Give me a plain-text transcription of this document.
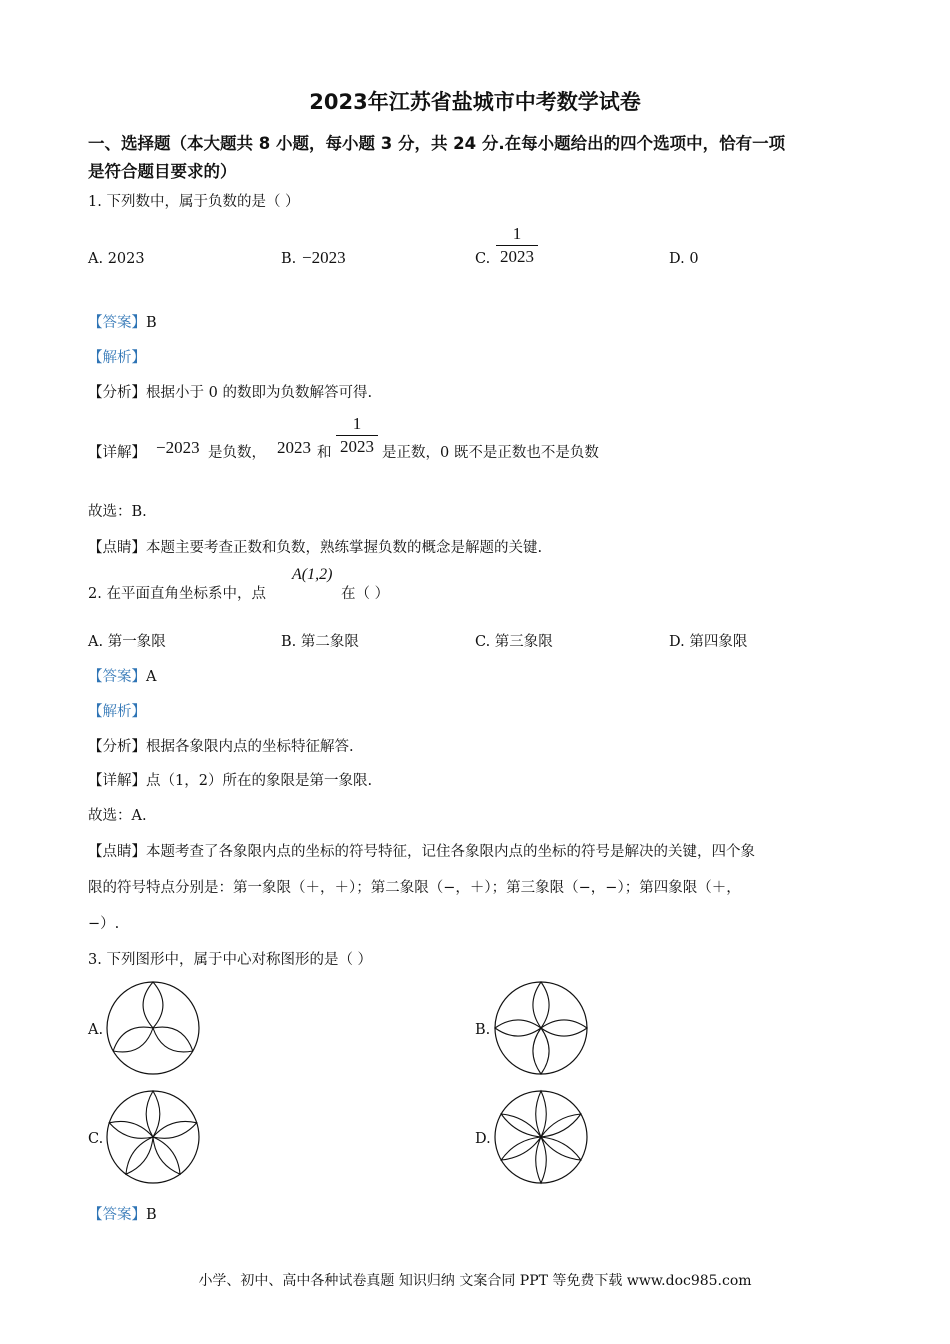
2023年江苏省盐城市中考数学试卷
一、选择题（本大题共 8 小题，每小题 3 分，共 24 分.在每小题给出的四个选项中，恰有一项
是符合题目要求的）
1. 下列数中，属于负数的是（ ）
A. 2023	B. −2023	C.
1
2023	D. 0
【答案】B
【解析】
【分析】根据小于 0 的数即为负数解答可得.
【详解】 −2023 是负数， 2023 和
1
2023 是正数，0 既不是正数也不是负数
故选：B.
【点睛】本题主要考查正数和负数，熟练掌握负数的概念是解题的关键.
2. 在平面直角坐标系中，点
A(1,2)
在（ ）
A. 第一象限	B. 第二象限	C. 第三象限	D. 第四象限
【答案】A
【解析】
【分析】根据各象限内点的坐标特征解答.
【详解】点（1，2）所在的象限是第一象限.
故选：A.
【点睛】本题考查了各象限内点的坐标的符号特征，记住各象限内点的坐标的符号是解决的关键，四个象
限的符号特点分别是：第一象限（＋，＋）；第二象限（−，＋）；第三象限（−，−）；第四象限（＋，
−）.
3. 下列图形中，属于中心对称图形的是（ ）
A.	B.
C.	D.
【答案】B
小学、初中、高中各种试卷真题 知识归纳 文案合同 PPT 等免费下载 www.doc985.com
